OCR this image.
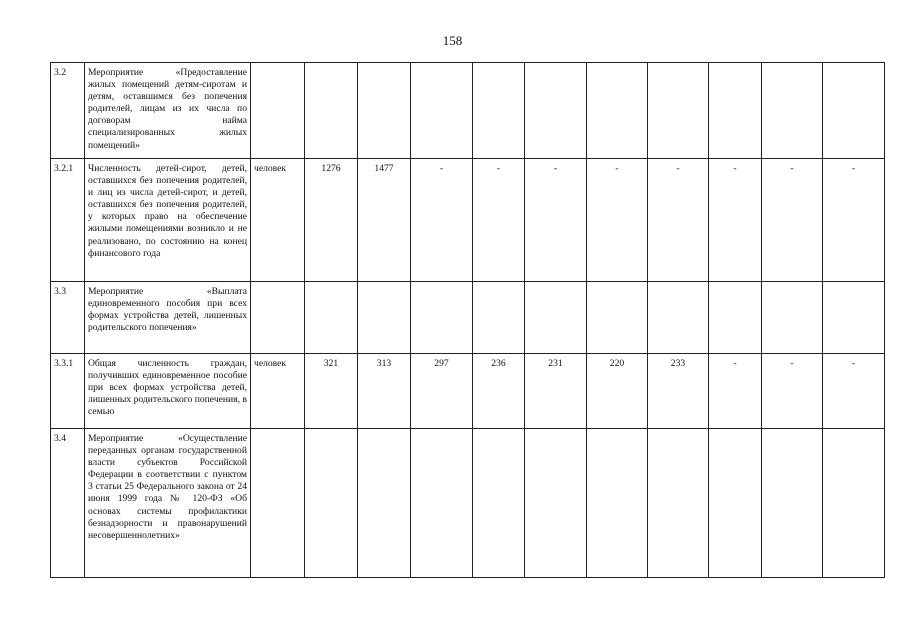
158
3.2	Мероприятие «Предоставление жилых помещений детям-сиротам и детям, оставшимся без попечения родителей, лицам из их числа по договорам найма специализированных жилых помещений»											
3.2.1	Численность детей-сирот, детей, оставшихся без попечения родителей, и лиц из числа детей-сирот, и детей, оставшихся без попечения родителей, у которых право на обеспечение жилыми помещениями возникло и не реализовано, по состоянию на конец финансового года	человек	1276	1477	-	-	-	-	-	-	-	-
3.3	Мероприятие «Выплата единовременного пособия при всех формах устройства детей, лишенных родительского попечения»											
3.3.1	Общая численность граждан, получивших единовременное пособие при всех формах устройства детей, лишенных родительского попечения, в семью	человек	321	313	297	236	231	220	233	-	-	-
3.4	Мероприятие «Осуществление переданных органам государственной власти субъектов Российской Федерации в соответствии с пунктом 3 статьи 25 Федерального закона от 24 июня 1999 года № 120-ФЗ «Об основах системы профилактики безнадзорности и правонарушений несовершеннолетних»											
